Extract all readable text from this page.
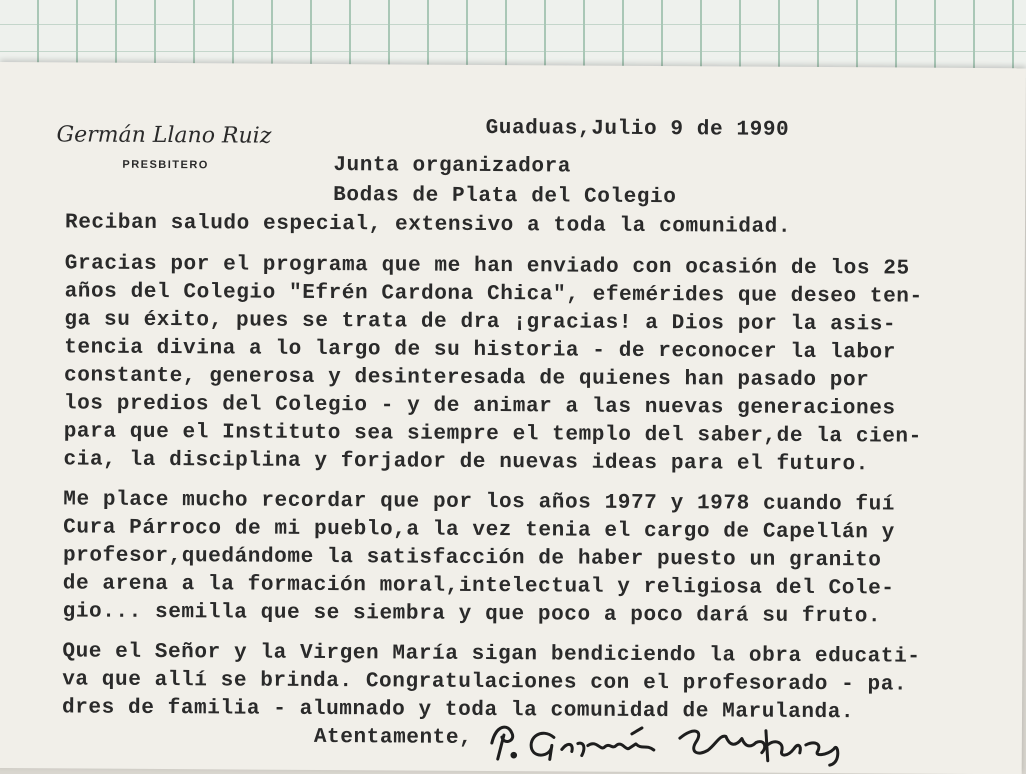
Germán Llano Ruiz
PRESBITERO
Guaduas,Julio 9 de 1990
Junta organizadora
Bodas de Plata del Colegio
Reciban saludo especial, extensivo a toda la comunidad.
Gracias por el programa que me han enviado con ocasión de los 25
años del Colegio "Efrén Cardona Chica", efemérides que deseo ten-
ga su éxito, pues se trata de dra ¡gracias! a Dios por la asis-
tencia divina a lo largo de su historia - de reconocer la labor
constante, generosa y desinteresada de quienes han pasado por
los predios del Colegio - y de animar a las nuevas generaciones
para que el Instituto sea siempre el templo del saber,de la cien-
cia, la disciplina y forjador de nuevas ideas para el futuro.
Me place mucho recordar que por los años 1977 y 1978 cuando fuí
Cura Párroco de mi pueblo,a la vez tenia el cargo de Capellán y
profesor,quedándome la satisfacción de haber puesto un granito
de arena a la formación moral,intelectual y religiosa del Cole-
gio... semilla que se siembra y que poco a poco dará su fruto.
Que el Señor y la Virgen María sigan bendiciendo la obra educati-
va que allí se brinda. Congratulaciones con el profesorado - pa.
dres de familia - alumnado y toda la comunidad de Marulanda.
Atentamente,
